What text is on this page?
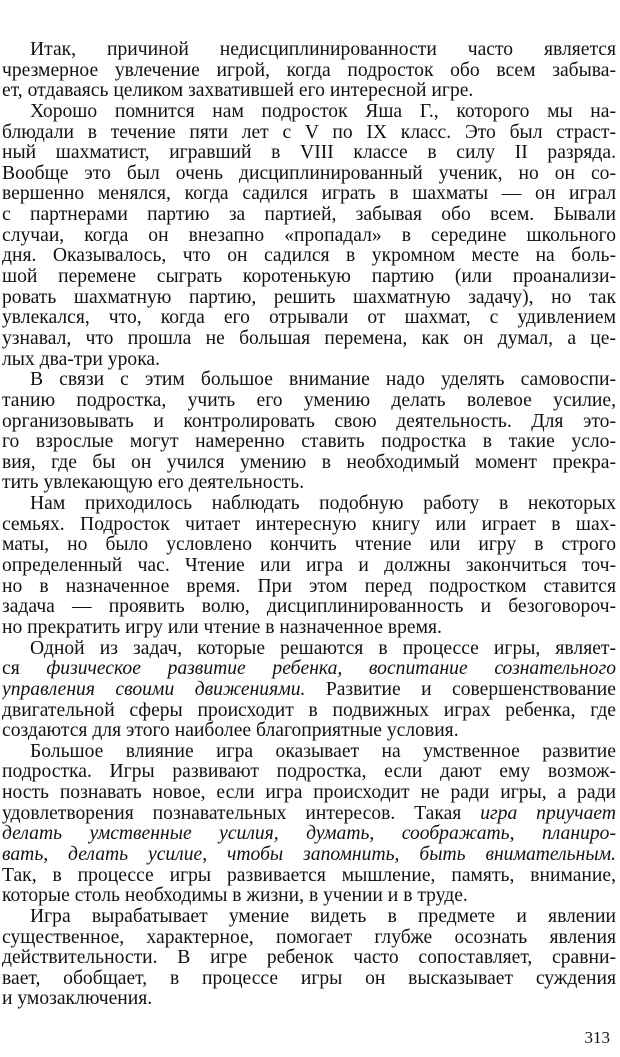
Итак, причиной недисциплинированности часто является
чрезмерное увлечение игрой, когда подросток обо всем забыва-
ет, отдаваясь целиком захватившей его интересной игре.
Хорошо помнится нам подросток Яша Г., которого мы на-
блюдали в течение пяти лет с V по IX класс. Это был страст-
ный шахматист, игравший в VIII классе в силу II разряда.
Вообще это был очень дисциплинированный ученик, но он со-
вершенно менялся, когда садился играть в шахматы — он играл
с партнерами партию за партией, забывая обо всем. Бывали
случаи, когда он внезапно «пропадал» в середине школьного
дня. Оказывалось, что он садился в укромном месте на боль-
шой перемене сыграть коротенькую партию (или проанализи-
ровать шахматную партию, решить шахматную задачу), но так
увлекался, что, когда его отрывали от шахмат, с удивлением
узнавал, что прошла не большая перемена, как он думал, а це-
лых два-три урока.
В связи с этим большое внимание надо уделять самовоспи-
танию подростка, учить его умению делать волевое усилие,
организовывать и контролировать свою деятельность. Для это-
го взрослые могут намеренно ставить подростка в такие усло-
вия, где бы он учился умению в необходимый момент прекра-
тить увлекающую его деятельность.
Нам приходилось наблюдать подобную работу в некоторых
семьях. Подросток читает интересную книгу или играет в шах-
маты, но было условлено кончить чтение или игру в строго
определенный час. Чтение или игра и должны закончиться точ-
но в назначенное время. При этом перед подростком ставится
задача — проявить волю, дисциплинированность и безоговороч-
но прекратить игру или чтение в назначенное время.
Одной из задач, которые решаются в процессе игры, являет-
ся физическое развитие ребенка, воспитание сознательного
управления своими движениями. Развитие и совершенствование
двигательной сферы происходит в подвижных играх ребенка, где
создаются для этого наиболее благоприятные условия.
Большое влияние игра оказывает на умственное развитие
подростка. Игры развивают подростка, если дают ему возмож-
ность познавать новое, если игра происходит не ради игры, а ради
удовлетворения познавательных интересов. Такая игра приучает
делать умственные усилия, думать, соображать, планиро-
вать, делать усилие, чтобы запомнить, быть внимательным.
Так, в процессе игры развивается мышление, память, внимание,
которые столь необходимы в жизни, в учении и в труде.
Игра вырабатывает умение видеть в предмете и явлении
существенное, характерное, помогает глубже осознать явления
действительности. В игре ребенок часто сопоставляет, сравни-
вает, обобщает, в процессе игры он высказывает суждения
и умозаключения.
313
